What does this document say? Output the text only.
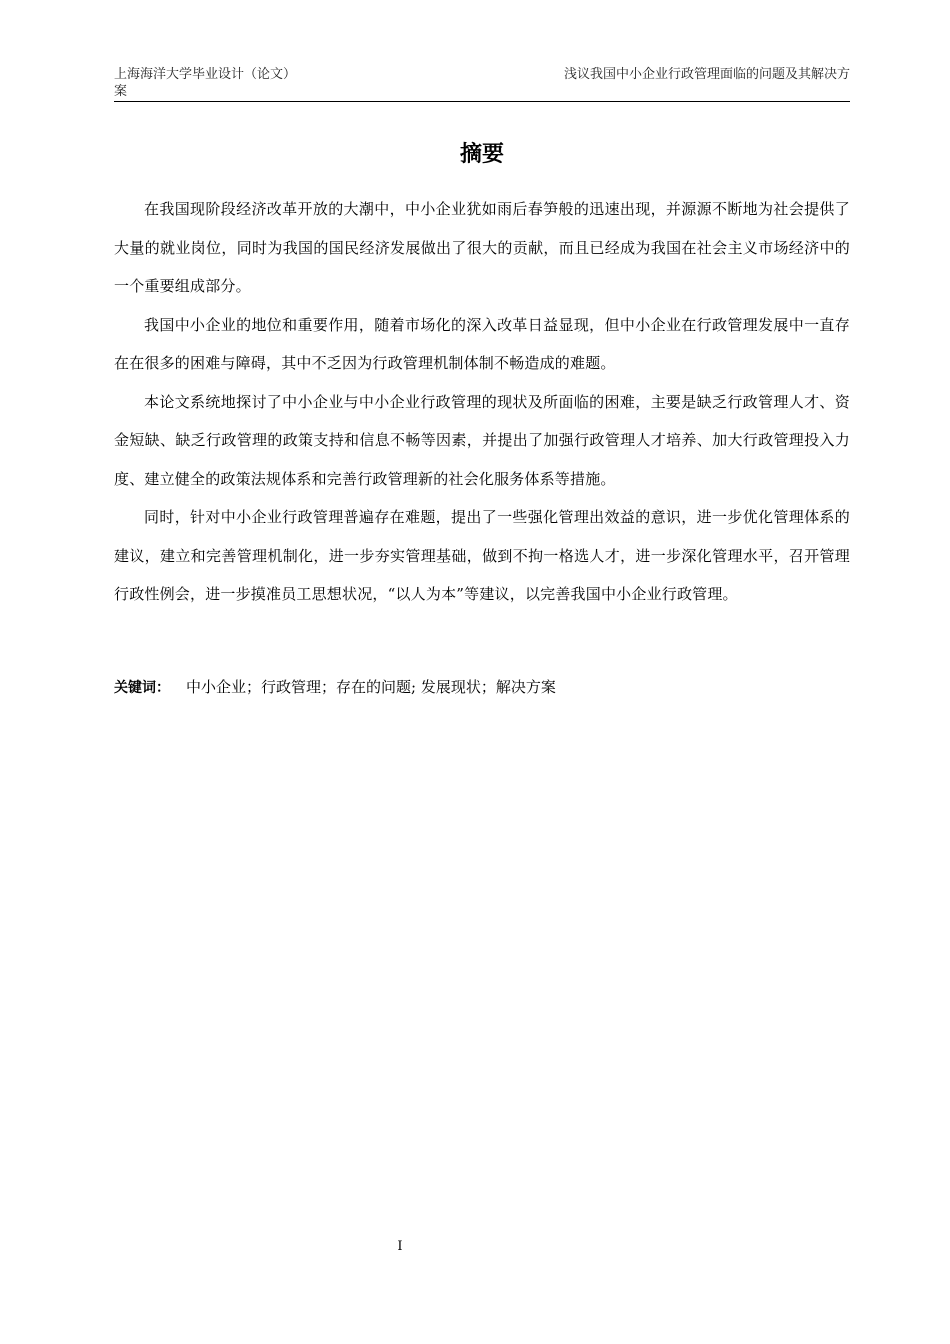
上海海洋大学毕业设计（论文）
案
浅议我国中小企业行政管理面临的问题及其解决方
摘要

在我国现阶段经济改革开放的大潮中，中小企业犹如雨后春笋般的迅速出现，并源源不断地为社会提供了大量的就业岗位，同时为我国的国民经济发展做出了很大的贡献，而且已经成为我国在社会主义市场经济中的一个重要组成部分。

我国中小企业的地位和重要作用，随着市场化的深入改革日益显现，但中小企业在行政管理发展中一直存在在很多的困难与障碍，其中不乏因为行政管理机制体制不畅造成的难题。

本论文系统地探讨了中小企业与中小企业行政管理的现状及所面临的困难，主要是缺乏行政管理人才、资金短缺、缺乏行政管理的政策支持和信息不畅等因素，并提出了加强行政管理人才培养、加大行政管理投入力度、建立健全的政策法规体系和完善行政管理新的社会化服务体系等措施。

同时，针对中小企业行政管理普遍存在难题，提出了一些强化管理出效益的意识，进一步优化管理体系的建议，建立和完善管理机制化，进一步夯实管理基础，做到不拘一格选人才，进一步深化管理水平，召开管理行政性例会，进一步摸准员工思想状况，“以人为本”等建议，以完善我国中小企业行政管理。

关键词： 中小企业；行政管理；存在的问题; 发展现状；解决方案
I
